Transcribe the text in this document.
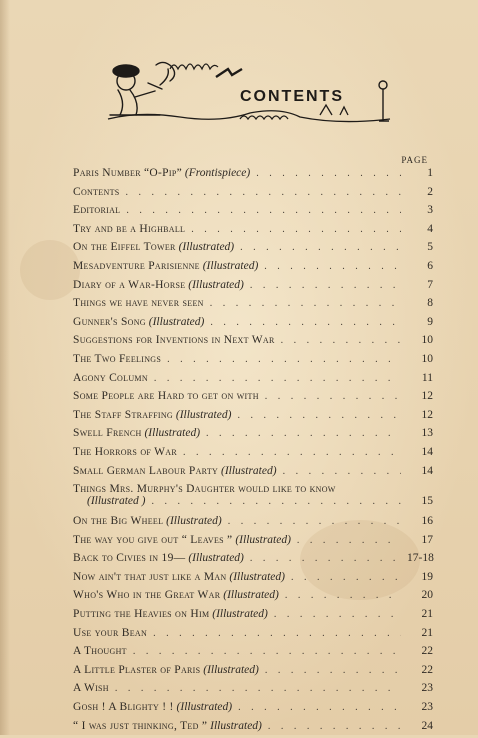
CONTENTS
PAGE
Paris Number “O-Pip”
(Frontispiece) . . .	1
Contents . . .	2
Editorial . . .	3
Try and be a Highball . . .	4
On the Eiffel Tower
(Illustrated) . . .	5
Mesadventure Parisienne
(Illustrated) . . .	6
Diary of a War-Horse
(Illustrated) . . .	7
Things we have never seen . . .	8
Gunner's Song
(Illustrated) . . .	9
Suggestions for Inventions in Next War . . .	10
The Two Feelings . . .	10
Agony Column . . .	11
Some People are Hard to get on with . . .	12
The Staff Straffing
(Illustrated) . . .	12
Swell French
(Illustrated) . . .	13
The Horrors of War . . .	14
Small German Labour Party
(Illustrated) . . .	14
Things Mrs. Murphy's Daughter would like to know
(Illustrated ) . . .	15
On the Big Wheel
(Illustrated) . . .	16
The way you give out “ Leaves ”
(Illustrated) . . .	17
Back to Civies in 19—
(Illustrated) . . .	17-18
Now ain't that just like a Man
(Illustrated) . . .	19
Who's Who in the Great War
(Illustrated) . . .	20
Putting the Heavies on Him
(Illustrated) . . .	21
Use your Bean . . .	21
A Thought . . .	22
A Little Plaster of Paris
(Illustrated) . . .	22
A Wish . . .	23
Gosh ! A Blighty ! !
(Illustrated) . . .	23
“ I was just thinking, Ted ”
Illustrated) . . .	24
